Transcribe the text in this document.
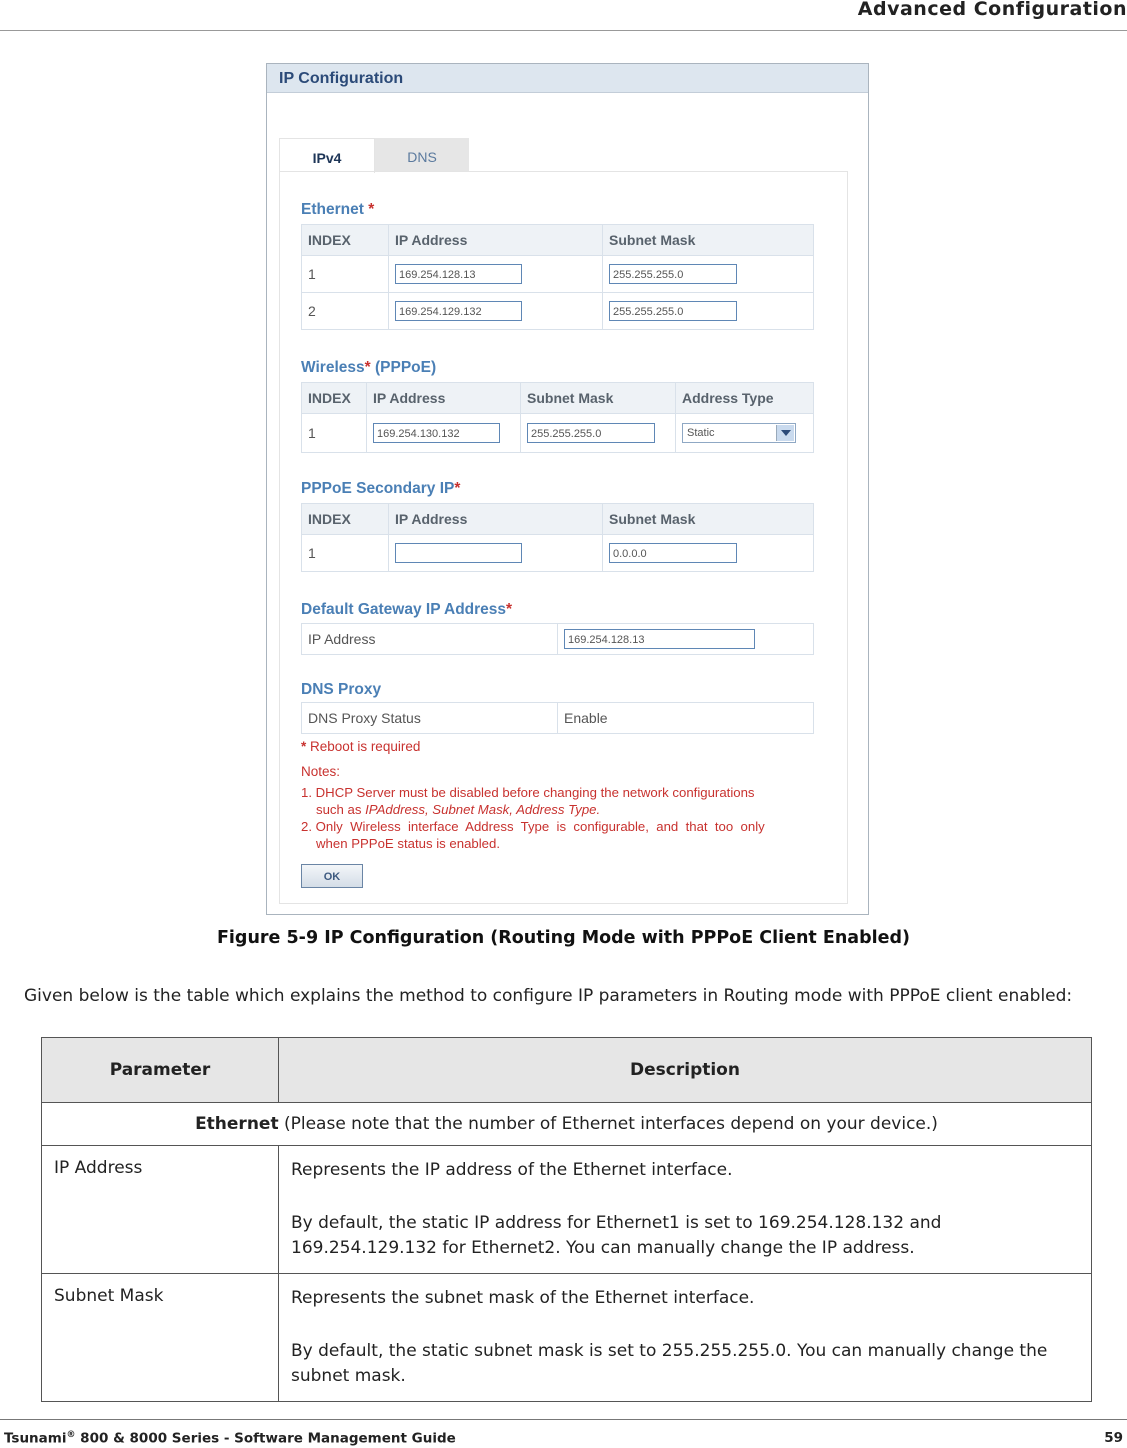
Advanced Configuration
IP Configuration
IPv4	DNS
Ethernet *
INDEX	IP Address	Subnet Mask
1	169.254.128.13	255.255.255.0
2	169.254.129.132	255.255.255.0
Wireless* (PPPoE)
INDEX	IP Address	Subnet Mask	Address Type
1	169.254.130.132	255.255.255.0	Static
PPPoE Secondary IP*
INDEX	IP Address	Subnet Mask
1		0.0.0.0
Default Gateway IP Address*
IP Address	169.254.128.13
DNS Proxy
DNS Proxy Status	Enable
* Reboot is required
Notes:
1. DHCP Server must be disabled before changing the network configurations
such as IPAddress, Subnet Mask, Address Type.
2. Only  Wireless  interface  Address  Type  is  configurable,  and  that  too  only
when PPPoE status is enabled.
OK
Figure 5-9 IP Configuration (Routing Mode with PPPoE Client Enabled)
Given below is the table which explains the method to configure IP parameters in Routing mode with PPPoE client enabled:
Parameter	Description
Ethernet (Please note that the number of Ethernet interfaces depend on your device.)	
IP Address	Represents the IP address of the Ethernet interface.

By default, the static IP address for Ethernet1 is set to 169.254.128.132 and 169.254.129.132 for Ethernet2. You can manually change the IP address.

Subnet Mask	Represents the subnet mask of the Ethernet interface.

By default, the static subnet mask is set to 255.255.255.0. You can manually change the subnet mask.

Tsunami® 800 & 8000 Series - Software Management Guide	59
